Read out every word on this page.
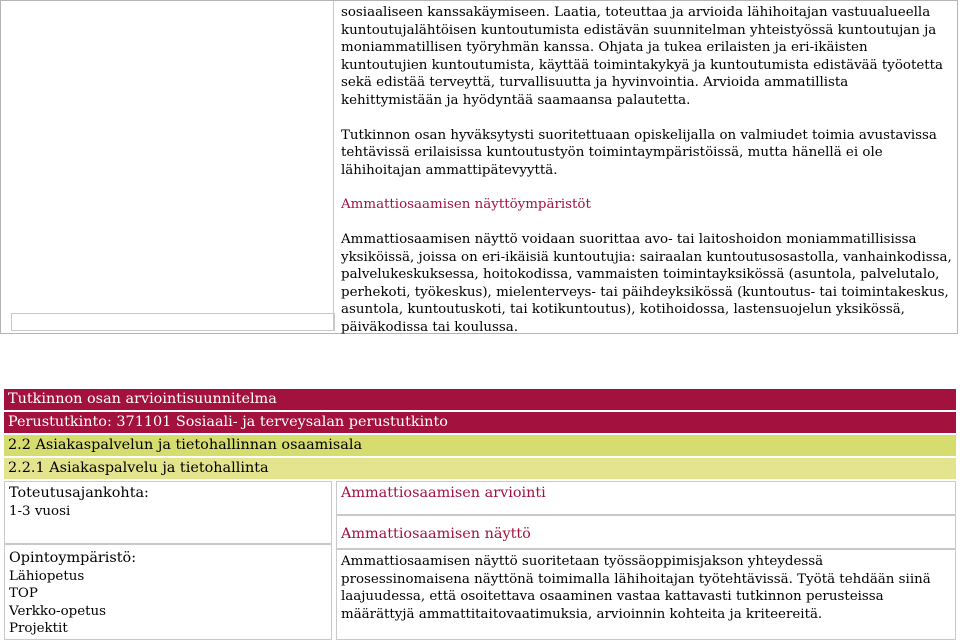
sosiaaliseen kanssakäymiseen. Laatia, toteuttaa ja arvioida lähihoitajan vastuualueella kuntoutujalähtöisen kuntoutumista edistävän suunnitelman yhteistyössä kuntoutujan ja moniammatillisen työryhmän kanssa. Ohjata ja tukea erilaisten ja eri-ikäisten kuntoutujien kuntoutumista, käyttää toimintakykyä ja kuntoutumista edistävää työotetta sekä edistää terveyttä, turvallisuutta ja hyvinvointia. Arvioida ammatillista kehittymistään ja hyödyntää saamaansa palautetta.

Tutkinnon osan hyväksytysti suoritettuaan opiskelijalla on valmiudet toimia avustavissa tehtävissä erilaisissa kuntoutustyön toimintaympäristöissä, mutta hänellä ei ole lähihoitajan ammattipätevyyttä.

Ammattiosaamisen näyttöympäristöt

Ammattiosaamisen näyttö voidaan suorittaa avo- tai laitoshoidon moniammatillisissa yksiköissä, joissa on eri-ikäisiä kuntoutujia: sairaalan kuntoutusosastolla, vanhainkodissa, palvelukeskuksessa, hoitokodissa, vammaisten toimintayksikössä (asuntola, palvelutalo, perhekoti, työkeskus), mielenterveys- tai päihdeyksikössä (kuntoutus- tai toimintakeskus, asuntola, kuntoutuskoti, tai kotikuntoutus), kotihoidossa, lastensuojelun yksikössä, päiväkodissa tai koulussa.

Tutkinnon osan arviointisuunnitelma
Perustutkinto: 371101 Sosiaali- ja terveysalan perustutkinto
2.2 Asiakaspalvelun ja tietohallinnan osaamisala
2.2.1 Asiakaspalvelu ja tietohallinta
Toteutusajankohta:
1-3 vuosi
Opintoympäristö:
Lähiopetus
TOP
Verkko-opetus
Projektit
Ammattiosaamisen arviointi
Ammattiosaamisen näyttö
Ammattiosaamisen näyttö suoritetaan työssäoppimisjakson yhteydessä prosessinomaisena näyttönä toimimalla lähihoitajan työtehtävissä. Työtä tehdään siinä laajuudessa, että osoitettava osaaminen vastaa kattavasti tutkinnon perusteissa määrättyjä ammattitaitovaatimuksia, arvioinnin kohteita ja kriteereitä.
